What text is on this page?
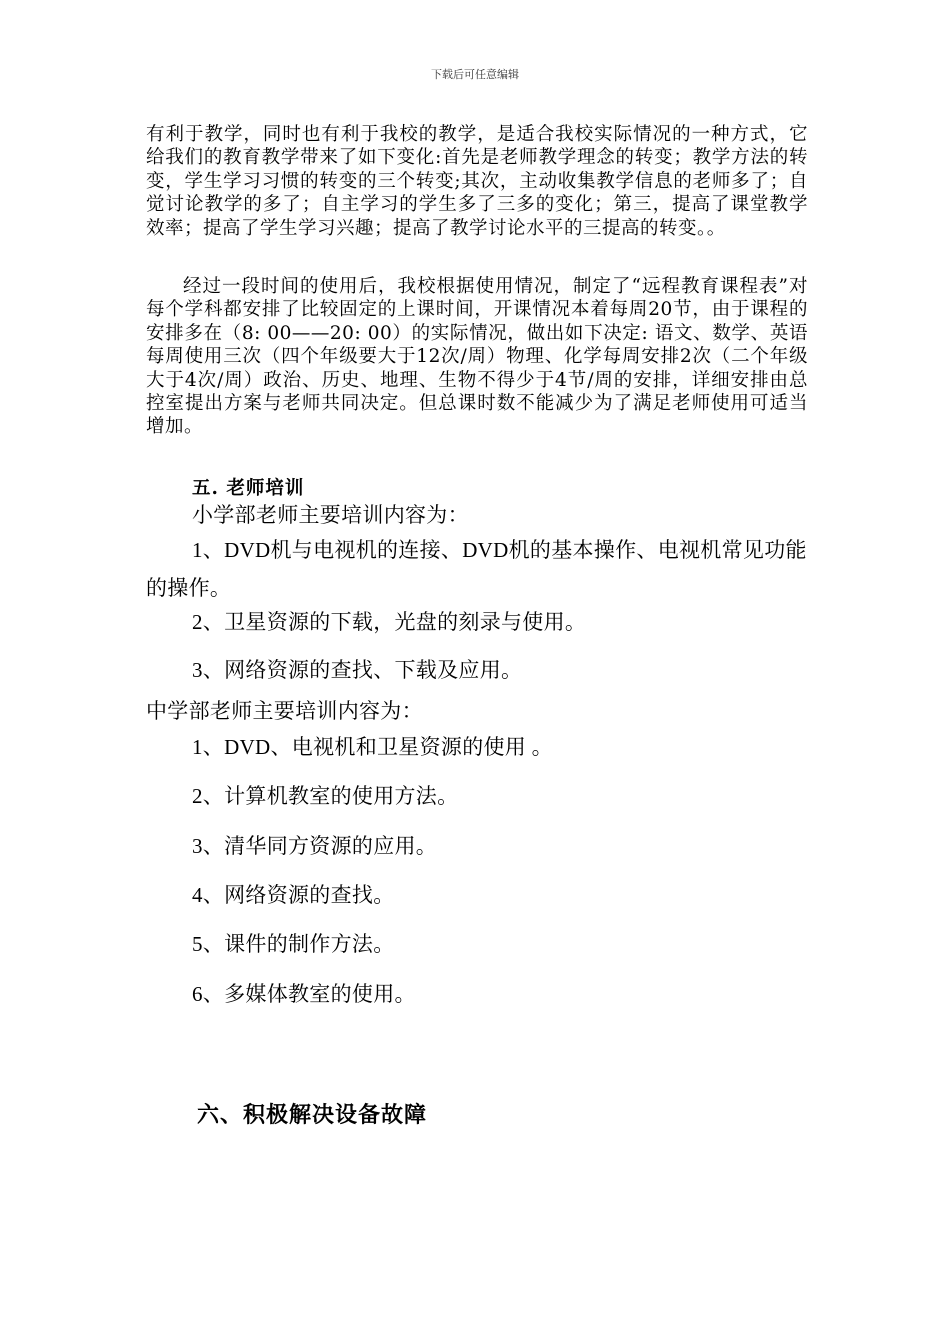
下载后可任意编辑
有利于教学，同时也有利于我校的教学，是适合我校实际情况的一种方式，它给我们的教育教学带来了如下变化:首先是老师教学理念的转变；教学方法的转变，学生学习习惯的转变的三个转变;其次，主动收集教学信息的老师多了；自觉讨论教学的多了；自主学习的学生多了三多的变化；第三，提高了课堂教学效率；提高了学生学习兴趣；提高了教学讨论水平的三提高的转变。。
经过一段时间的使用后，我校根据使用情况，制定了“远程教育课程表”对每个学科都安排了比较固定的上课时间，开课情况本着每周20节，由于课程的安排多在（8: 00——20: 00）的实际情况，做出如下决定: 语文、数学、英语每周使用三次（四个年级要大于12次/周）物理、化学每周安排2次（二个年级大于4次/周）政治、历史、地理、生物不得少于4节/周的安排，详细安排由总控室提出方案与老师共同决定。但总课时数不能减少为了满足老师使用可适当增加。
五. 老师培训
小学部老师主要培训内容为：
1、DVD机与电视机的连接、DVD机的基本操作、电视机常见功能的操作。
2、卫星资源的下载，光盘的刻录与使用。
3、网络资源的查找、下载及应用。
中学部老师主要培训内容为：
1、DVD、电视机和卫星资源的使用 。
2、计算机教室的使用方法。
3、清华同方资源的应用。
4、网络资源的查找。
5、课件的制作方法。
6、多媒体教室的使用。
六、积极解决设备故障
